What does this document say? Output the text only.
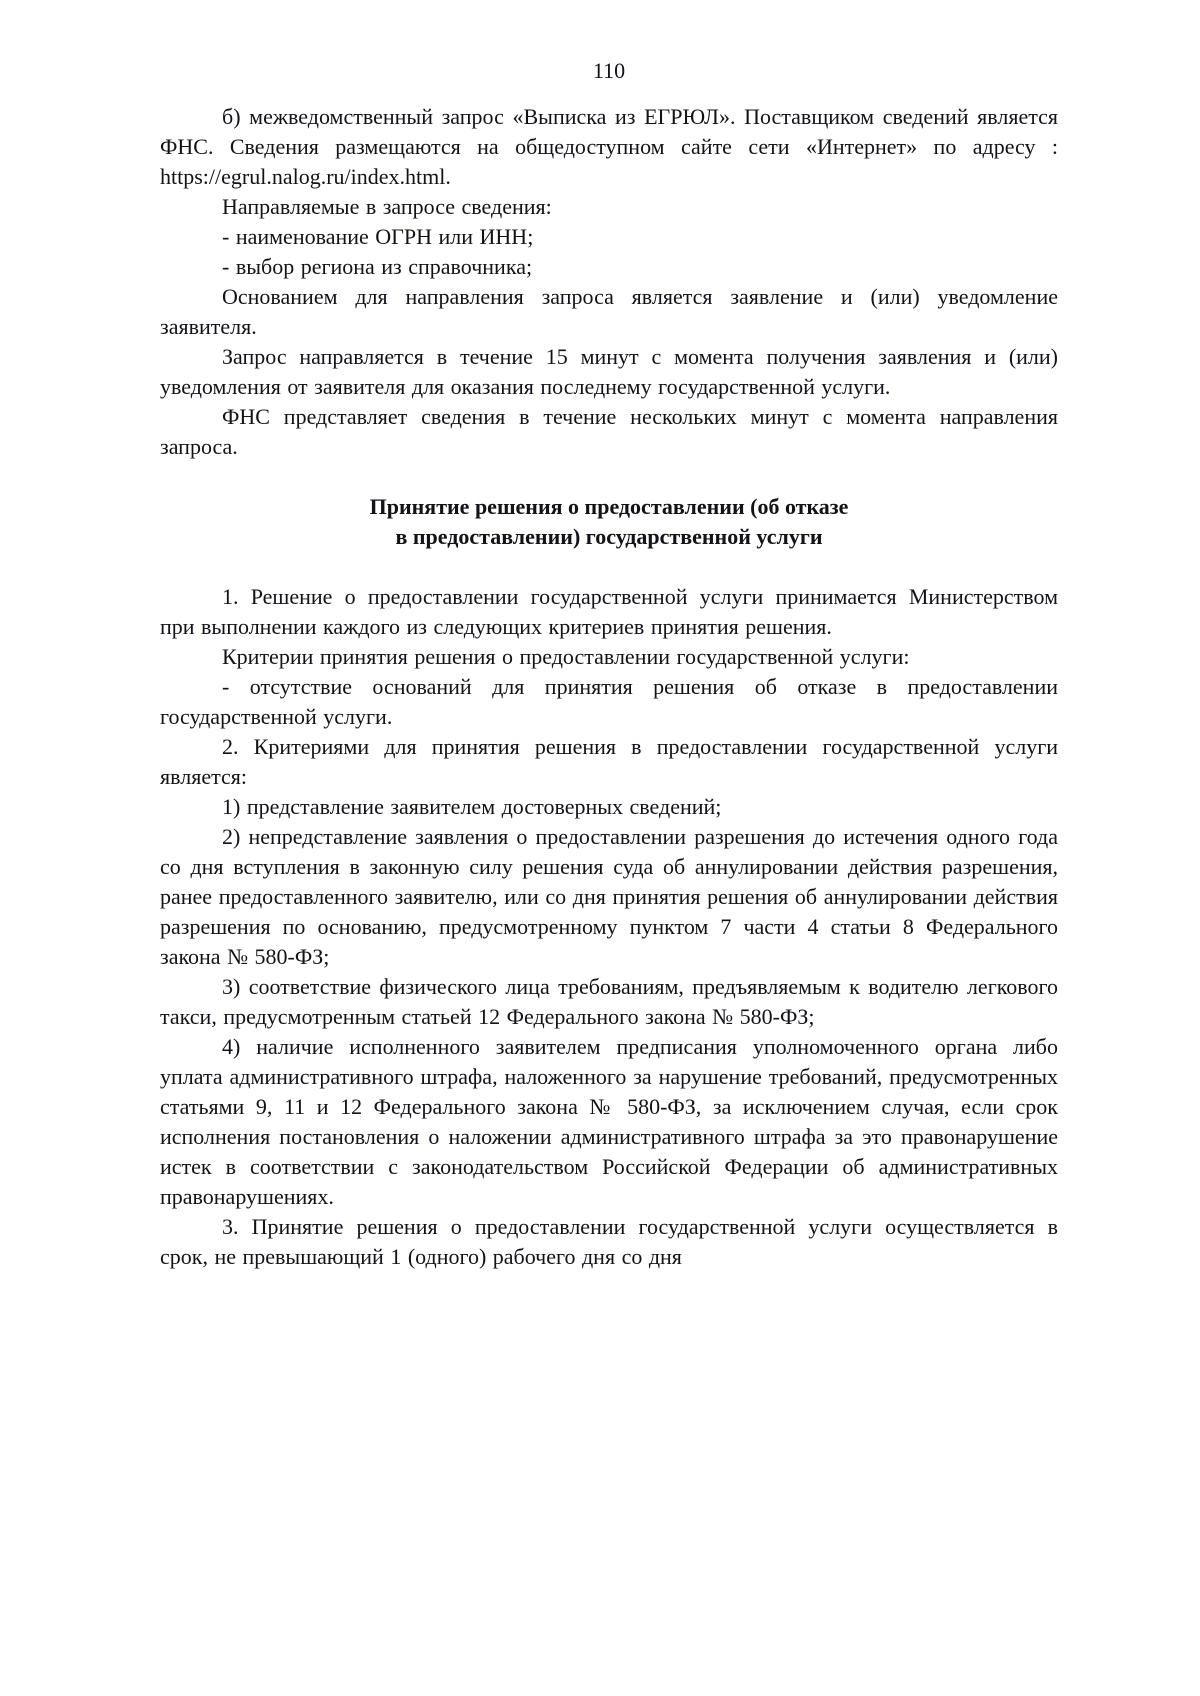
110

б) межведомственный запрос «Выписка из ЕГРЮЛ». Поставщиком сведений является ФНС. Сведения размещаются на общедоступном сайте сети «Интернет» по адресу : https://egrul.nalog.ru/index.html.

Направляемые в запросе сведения:

- наименование ОГРН или ИНН;

- выбор региона из справочника;

Основанием для направления запроса является заявление и (или) уведомление заявителя.

Запрос направляется в течение 15 минут с момента получения заявления и (или) уведомления от заявителя для оказания последнему государственной услуги.

ФНС представляет сведения в течение нескольких минут с момента направления запроса.

Принятие решения о предоставлении (об отказе
в предоставлении) государственной услуги

1. Решение о предоставлении государственной услуги принимается Министерством при выполнении каждого из следующих критериев принятия решения.

Критерии принятия решения о предоставлении государственной услуги:

- отсутствие оснований для принятия решения об отказе в предоставлении государственной услуги.

2. Критериями для принятия решения в предоставлении государственной услуги является:

1) представление заявителем достоверных сведений;

2) непредставление заявления о предоставлении разрешения до истечения одного года со дня вступления в законную силу решения суда об аннулировании действия разрешения, ранее предоставленного заявителю, или со дня принятия решения об аннулировании действия разрешения по основанию, предусмотренному пунктом 7 части 4 статьи 8 Федерального закона № 580-ФЗ;

3) соответствие физического лица требованиям, предъявляемым к водителю легкового такси, предусмотренным статьей 12 Федерального закона № 580-ФЗ;

4) наличие исполненного заявителем предписания уполномоченного органа либо уплата административного штрафа, наложенного за нарушение требований, предусмотренных статьями 9, 11 и 12 Федерального закона № 580-ФЗ, за исключением случая, если срок исполнения постановления о наложении административного штрафа за это правонарушение истек в соответствии с законодательством Российской Федерации об административных правонарушениях.

3. Принятие решения о предоставлении государственной услуги осуществляется в срок, не превышающий 1 (одного) рабочего дня со дня
